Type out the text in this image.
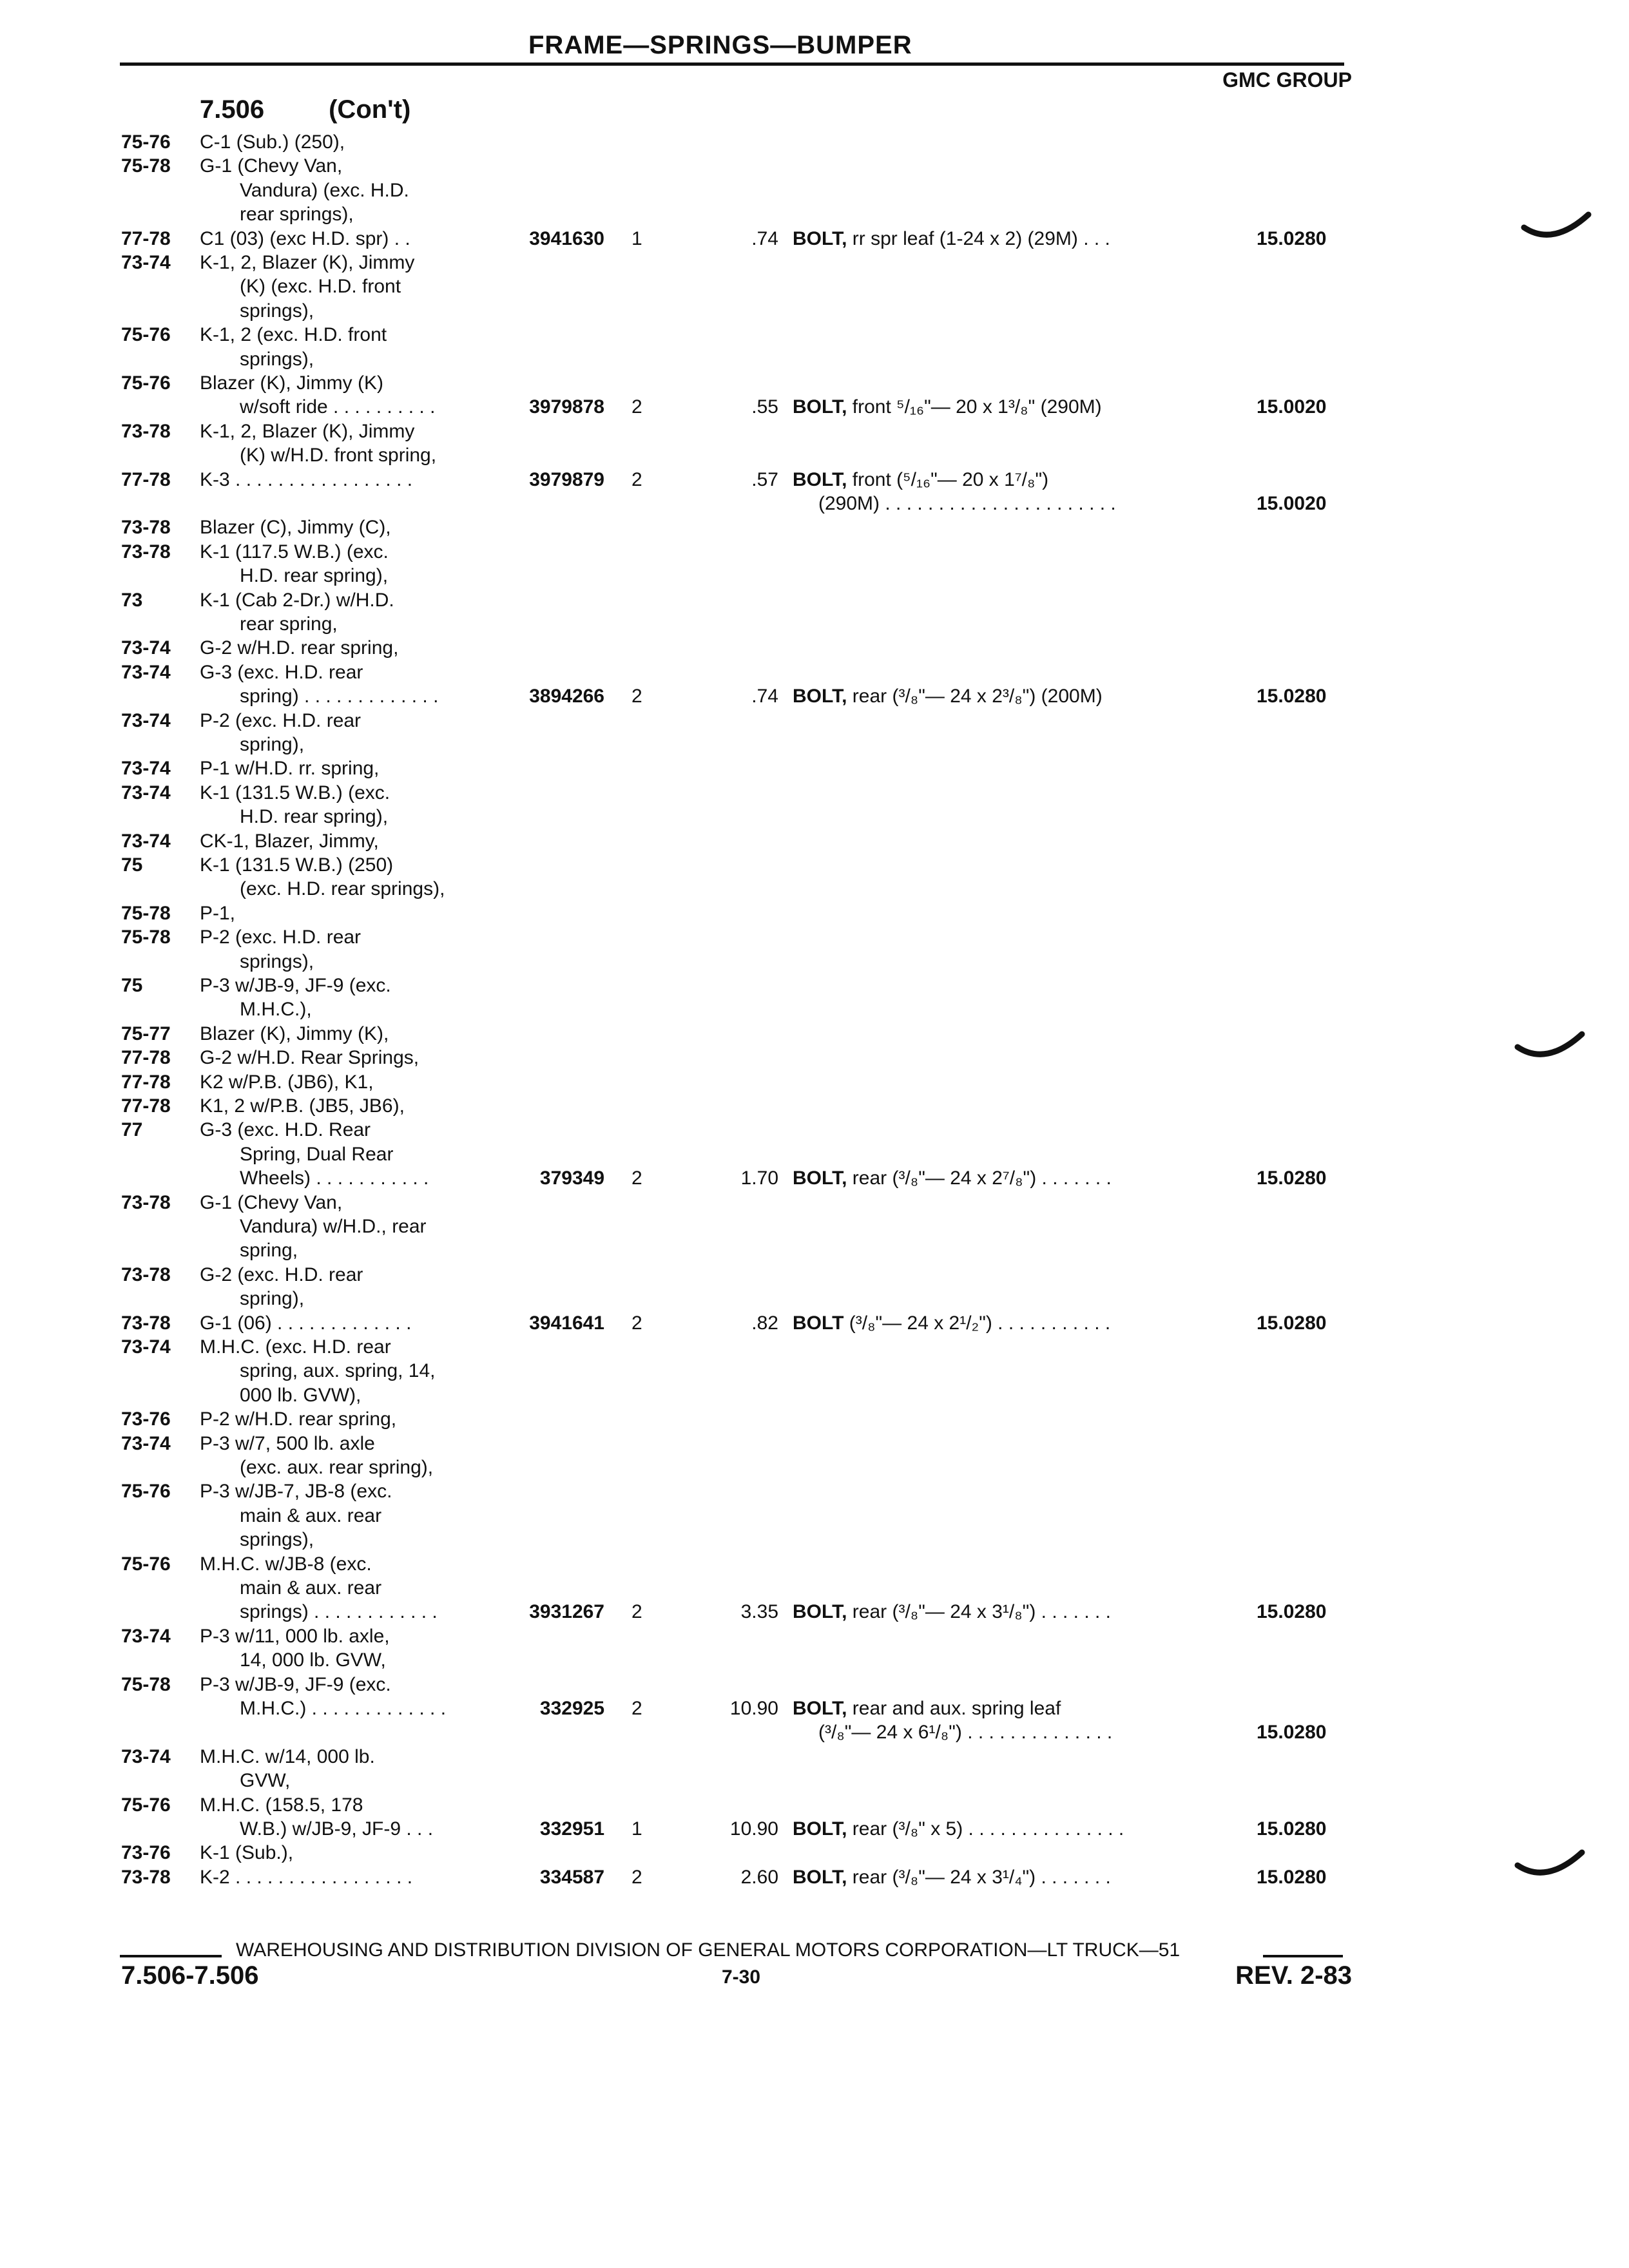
FRAME—SPRINGS—BUMPER
GMC GROUP
7.506	(Con't)
75-76 C-1 (Sub.) (250),
75-78 G-1 (Chevy Van,
Vandura) (exc. H.D.
rear springs),
77-78 C1 (03) (exc H.D. spr) . .	3941630 1	.74 BOLT, rr spr leaf (1-24 x 2) (29M) . . .	15.0280
73-74 K-1, 2, Blazer (K), Jimmy
(K) (exc. H.D. front
springs),
75-76 K-1, 2 (exc. H.D. front
springs),
75-76 Blazer (K), Jimmy (K)
w/soft ride . . . . . . . . . .	3979878 2	.55 BOLT, front ⁵/₁₆"— 20 x 1³/₈" (290M)	15.0020
73-78 K-1, 2, Blazer (K), Jimmy
(K) w/H.D. front spring,
77-78 K-3 . . . . . . . . . . . . . . . . .	3979879 2	.57 BOLT, front (⁵/₁₆"— 20 x 1⁷/₈")
(290M) . . . . . . . . . . . . . . . . . . . . . .	15.0020
73-78 Blazer (C), Jimmy (C),
73-78 K-1 (117.5 W.B.) (exc.
H.D. rear spring),
73	K-1 (Cab 2-Dr.) w/H.D.
rear spring,
73-74 G-2 w/H.D. rear spring,
73-74 G-3 (exc. H.D. rear
spring) . . . . . . . . . . . . .	3894266 2	.74 BOLT, rear (³/₈"— 24 x 2³/₈") (200M)	15.0280
73-74 P-2 (exc. H.D. rear
spring),
73-74 P-1 w/H.D. rr. spring,
73-74 K-1 (131.5 W.B.) (exc.
H.D. rear spring),
73-74 CK-1, Blazer, Jimmy,
75	K-1 (131.5 W.B.) (250)
(exc. H.D. rear springs),
75-78 P-1,
75-78 P-2 (exc. H.D. rear
springs),
75	P-3 w/JB-9, JF-9 (exc.
M.H.C.),
75-77 Blazer (K), Jimmy (K),
77-78 G-2 w/H.D. Rear Springs,
77-78 K2 w/P.B. (JB6), K1,
77-78 K1, 2 w/P.B. (JB5, JB6),
77	G-3 (exc. H.D. Rear
Spring, Dual Rear
Wheels) . . . . . . . . . . .	379349 2	1.70 BOLT, rear (³/₈"— 24 x 2⁷/₈") . . . . . . .	15.0280
73-78 G-1 (Chevy Van,
Vandura) w/H.D., rear
spring,
73-78 G-2 (exc. H.D. rear
spring),
73-78 G-1 (06) . . . . . . . . . . . . .	3941641 2	.82 BOLT (³/₈"— 24 x 2¹/₂") . . . . . . . . . . .	15.0280
73-74 M.H.C. (exc. H.D. rear
spring, aux. spring, 14,
000 lb. GVW),
73-76 P-2 w/H.D. rear spring,
73-74 P-3 w/7, 500 lb. axle
(exc. aux. rear spring),
75-76 P-3 w/JB-7, JB-8 (exc.
main & aux. rear
springs),
75-76 M.H.C. w/JB-8 (exc.
main & aux. rear
springs) . . . . . . . . . . . .	3931267 2	3.35 BOLT, rear (³/₈"— 24 x 3¹/₈") . . . . . . .	15.0280
73-74 P-3 w/11, 000 lb. axle,
14, 000 lb. GVW,
75-78 P-3 w/JB-9, JF-9 (exc.
M.H.C.) . . . . . . . . . . . . .	332925 2	10.90 BOLT, rear and aux. spring leaf
(³/₈"— 24 x 6¹/₈") . . . . . . . . . . . . . .	15.0280
73-74 M.H.C. w/14, 000 lb.
GVW,
75-76 M.H.C. (158.5, 178
W.B.) w/JB-9, JF-9 . . .	332951 1	10.90 BOLT, rear (³/₈" x 5) . . . . . . . . . . . . . . .	15.0280
73-76 K-1 (Sub.),
73-78 K-2 . . . . . . . . . . . . . . . . .	334587 2	2.60 BOLT, rear (³/₈"— 24 x 3¹/₄") . . . . . . .	15.0280
WAREHOUSING AND DISTRIBUTION DIVISION OF GENERAL MOTORS CORPORATION—LT TRUCK—51
7.506-7.506	7-30	REV. 2-83
